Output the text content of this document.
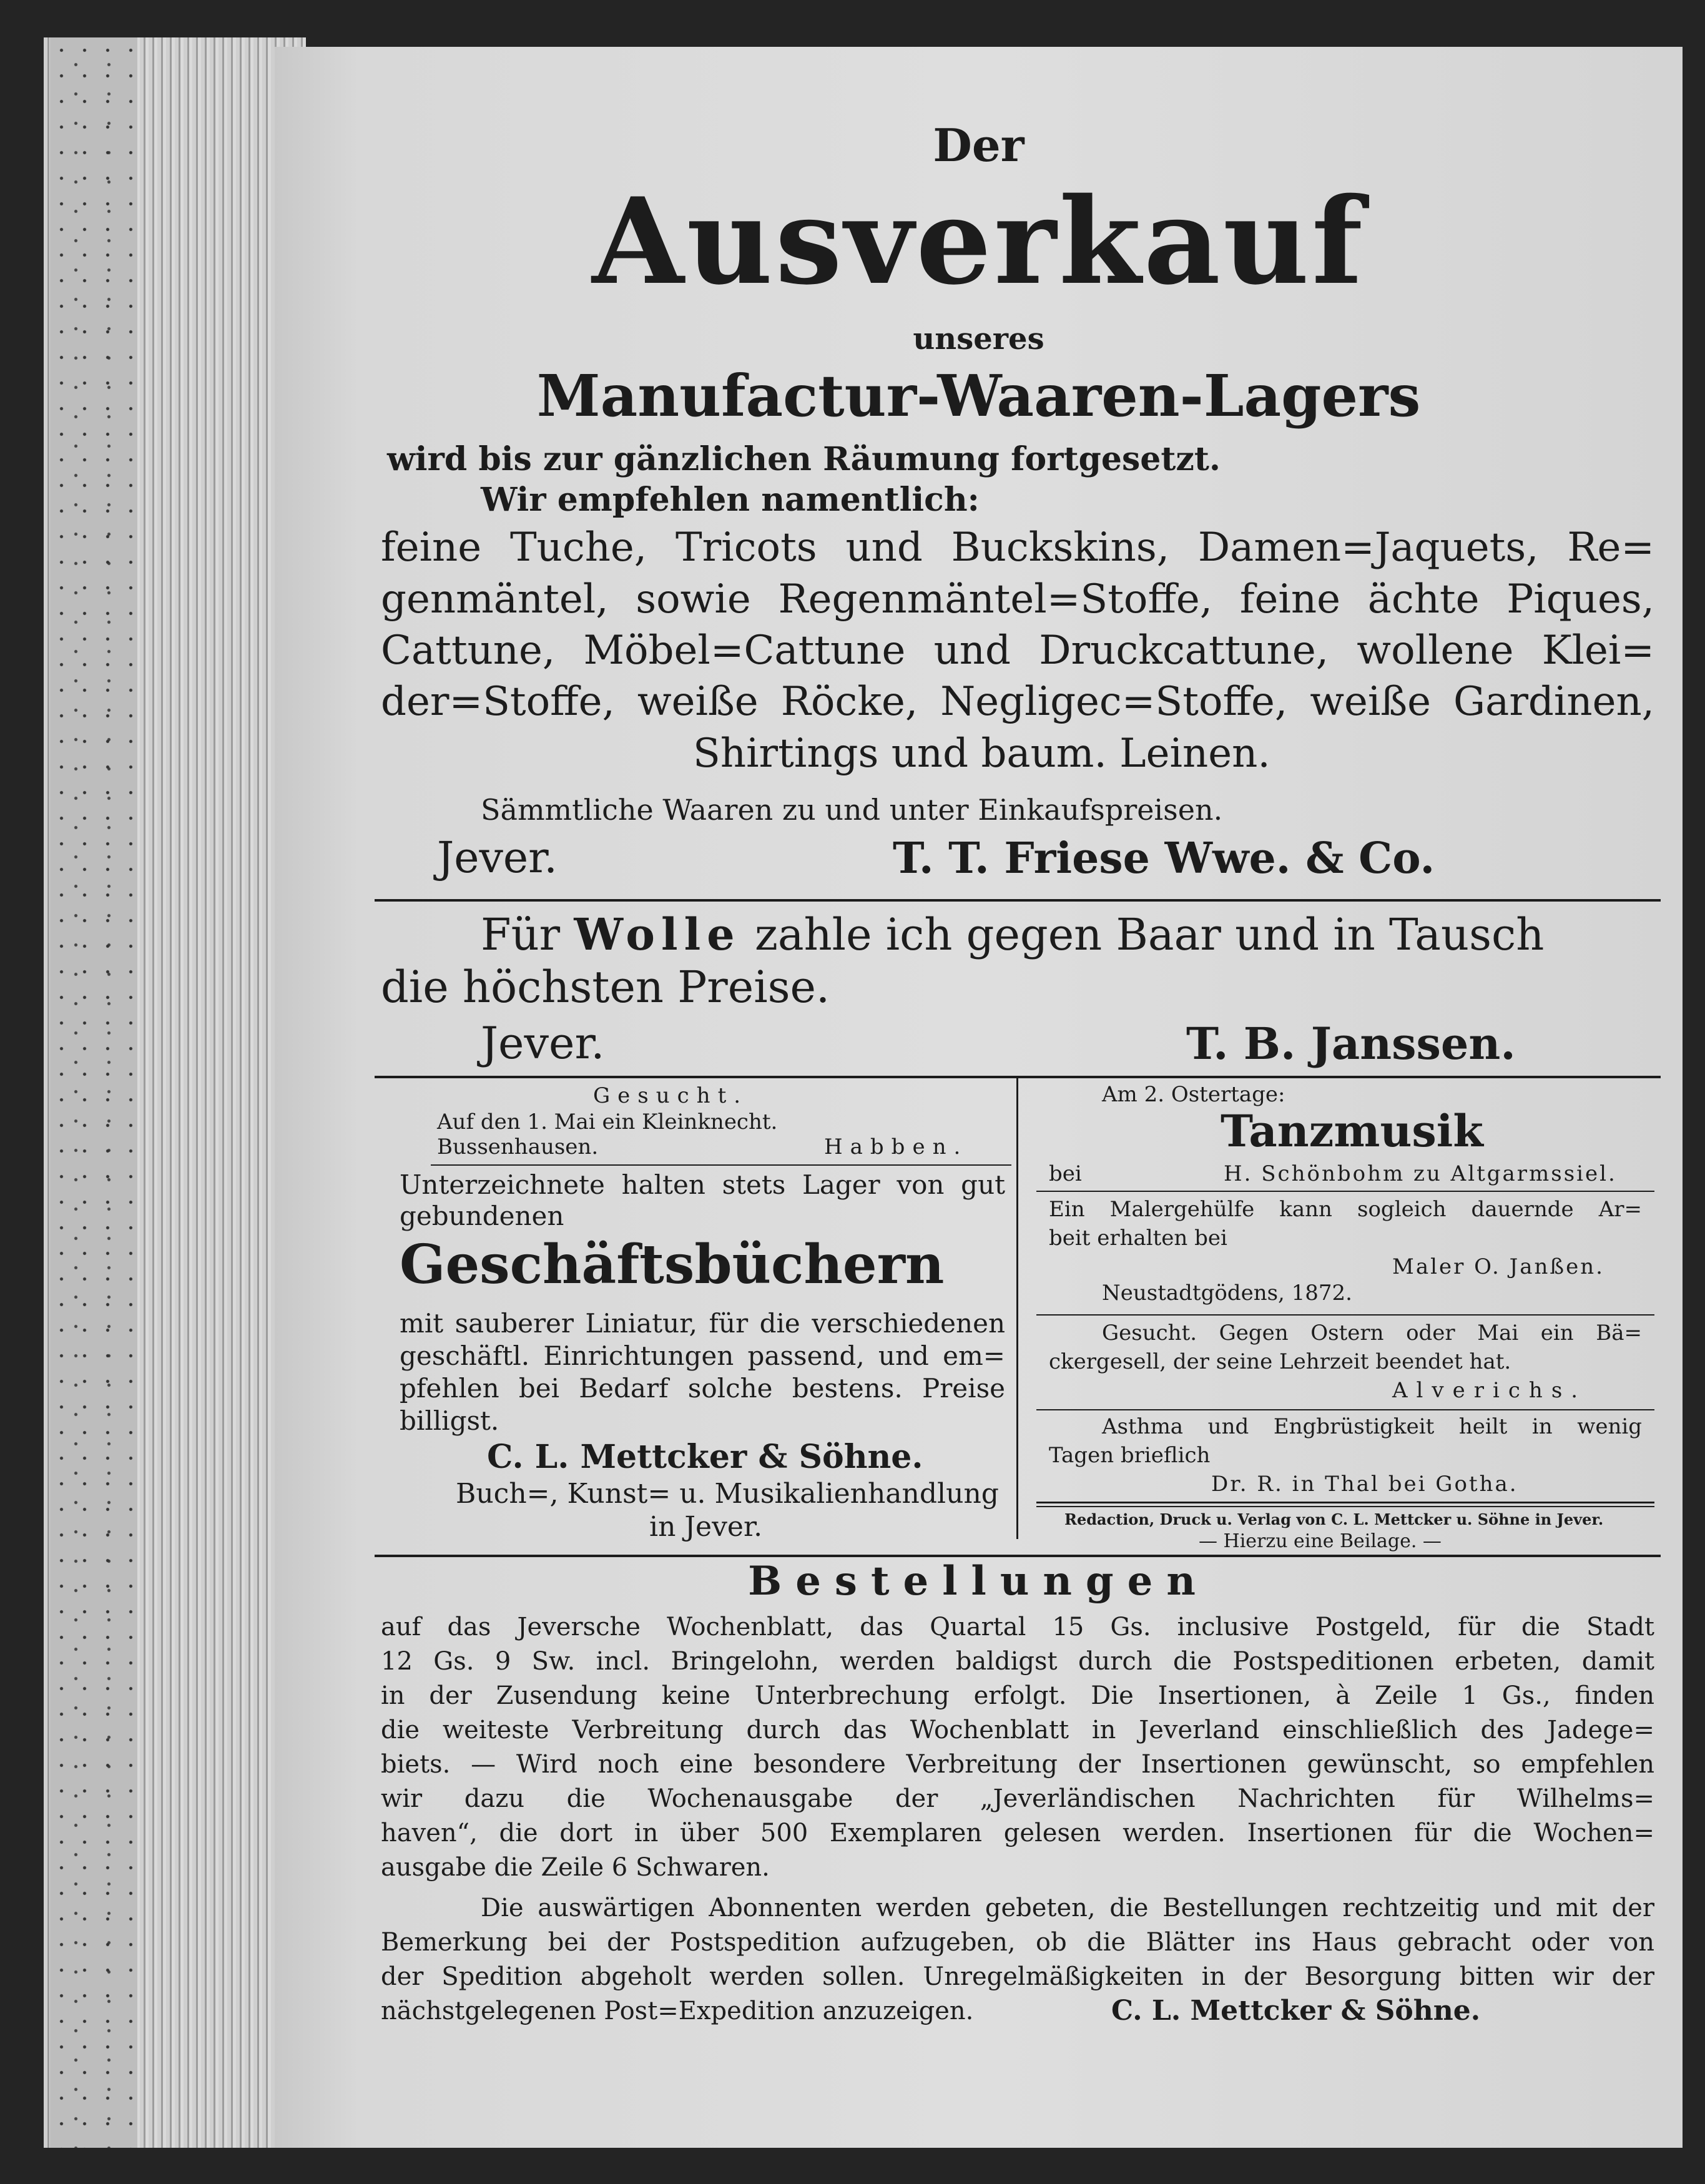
Der
Ausverkauf
unseres
Manufactur-Waaren-Lagers
wird bis zur gänzlichen Räumung fortgesetzt.
Wir empfehlen namentlich:
feine Tuche, Tricots und Buckskins, Damen=Jaquets, Re=
genmäntel, sowie Regenmäntel=Stoffe, feine ächte Piques,
Cattune, Möbel=Cattune und Druckcattune, wollene Klei=
der=Stoffe, weiße Röcke, Negligec=Stoffe, weiße Gardinen,
Shirtings und baum. Leinen.
Sämmtliche Waaren zu und unter Einkaufspreisen.
Jever.	T. T. Friese Wwe. & Co.
Für Wolle zahle ich gegen Baar und in Tausch
die höchsten Preise.
Jever.	T. B. Janssen.
Gesucht.
Auf den 1. Mai ein Kleinknecht.
Bussenhausen.	Habben.
Unterzeichnete halten stets Lager von gut
gebundenen
Geschäftsbüchern
mit sauberer Liniatur, für die verschiedenen
geschäftl. Einrichtungen passend, und em=
pfehlen bei Bedarf solche bestens. Preise
billigst.
C. L. Mettcker & Söhne.
Buch=, Kunst= u. Musikalienhandlung
in Jever.
Am 2. Ostertage:
Tanzmusik
bei	H. Schönbohm zu Altgarmssiel.
Ein Malergehülfe kann sogleich dauernde Ar=
beit erhalten bei
Maler O. Janßen.
Neustadtgödens, 1872.
Gesucht. Gegen Ostern oder Mai ein Bä=
ckergesell, der seine Lehrzeit beendet hat.
Alverichs.
Asthma und Engbrüstigkeit heilt in wenig
Tagen brieflich
Dr. R. in Thal bei Gotha.
Redaction, Druck u. Verlag von C. L. Mettcker u. Söhne in Jever.
— Hierzu eine Beilage. —
Bestellungen
auf das Jeversche Wochenblatt, das Quartal 15 Gs. inclusive Postgeld, für die Stadt
12 Gs. 9 Sw. incl. Bringelohn, werden baldigst durch die Postspeditionen erbeten, damit
in der Zusendung keine Unterbrechung erfolgt. Die Insertionen, à Zeile 1 Gs., finden
die weiteste Verbreitung durch das Wochenblatt in Jeverland einschließlich des Jadege=
biets. — Wird noch eine besondere Verbreitung der Insertionen gewünscht, so empfehlen
wir dazu die Wochenausgabe der „Jeverländischen Nachrichten für Wilhelms=
haven“, die dort in über 500 Exemplaren gelesen werden. Insertionen für die Wochen=
ausgabe die Zeile 6 Schwaren.
Die auswärtigen Abonnenten werden gebeten, die Bestellungen rechtzeitig und mit der
Bemerkung bei der Postspedition aufzugeben, ob die Blätter ins Haus gebracht oder von
der Spedition abgeholt werden sollen. Unregelmäßigkeiten in der Besorgung bitten wir der
nächstgelegenen Post=Expedition anzuzeigen.	C. L. Mettcker & Söhne.
